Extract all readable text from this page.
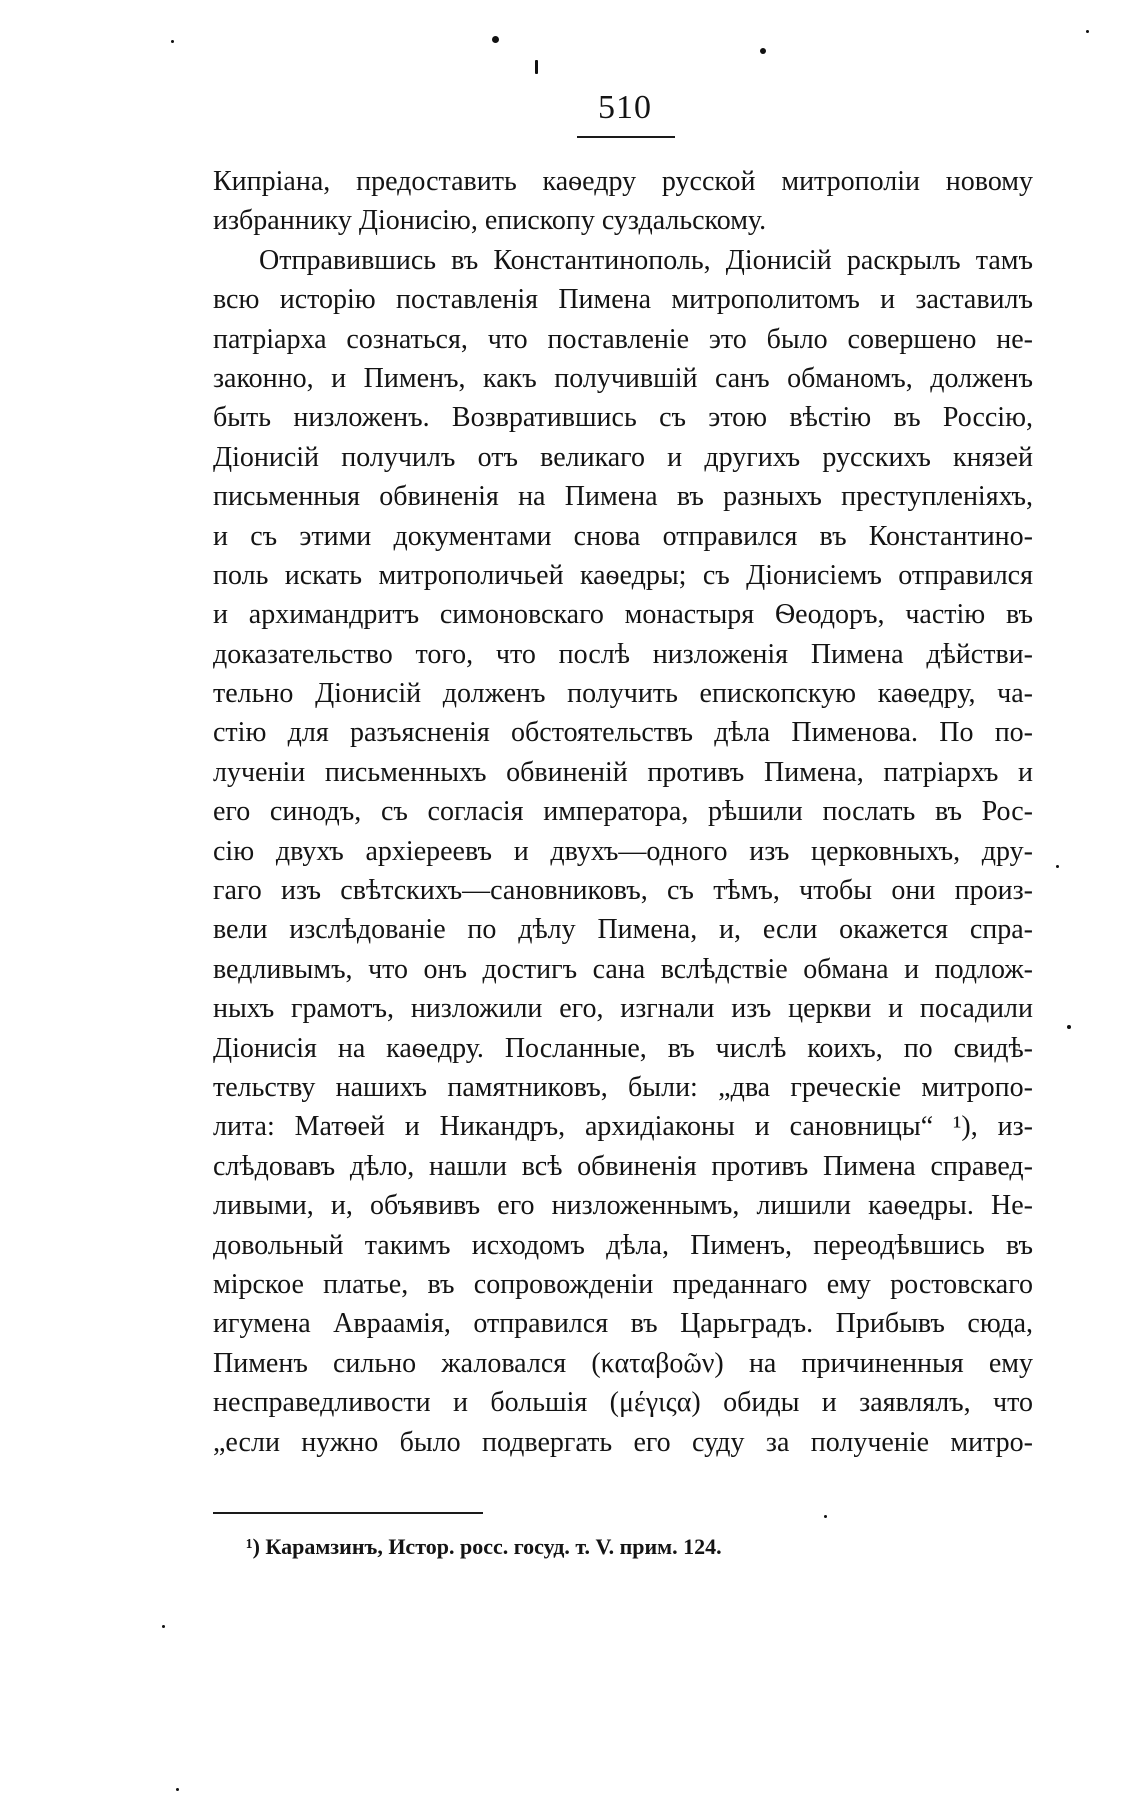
510
Кипріана, предоставить каѳедру русской митрополіи новому
избраннику Діонисію, епископу суздальскому.
Отправившись въ Константинополь, Діонисій раскрылъ тамъ
всю исторію поставленія Пимена митрополитомъ и заставилъ
патріарха сознаться, что поставленіе это было совершено не-
законно, и Пименъ, какъ получившій санъ обманомъ, долженъ
быть низложенъ. Возвратившись съ этою вѣстію въ Россію,
Діонисій получилъ отъ великаго и другихъ русскихъ князей
письменныя обвиненія на Пимена въ разныхъ преступленіяхъ,
и съ этими документами снова отправился въ Константино-
поль искать митрополичьей каѳедры; съ Діонисіемъ отправился
и архимандритъ симоновскаго монастыря Ѳеодоръ, частію въ
доказательство того, что послѣ низложенія Пимена дѣйстви-
тельно Діонисій долженъ получить епископскую каѳедру, ча-
стію для разъясненія обстоятельствъ дѣла Пименова. По по-
лученіи письменныхъ обвиненій противъ Пимена, патріархъ и
его синодъ, съ согласія императора, рѣшили послать въ Рос-
сію двухъ архіереевъ и двухъ—одного изъ церковныхъ, дру-
гаго изъ свѣтскихъ—сановниковъ, съ тѣмъ, чтобы они произ-
вели изслѣдованіе по дѣлу Пимена, и, если окажется спра-
ведливымъ, что онъ достигъ сана вслѣдствіе обмана и подлож-
ныхъ грамотъ, низложили его, изгнали изъ церкви и посадили
Діонисія на каѳедру. Посланные, въ числѣ коихъ, по свидѣ-
тельству нашихъ памятниковъ, были: „два греческіе митропо-
лита: Матѳей и Никандръ, архидіаконы и сановницы“ ¹), из-
слѣдовавъ дѣло, нашли всѣ обвиненія противъ Пимена справед-
ливыми, и, объявивъ его низложеннымъ, лишили каѳедры. Не-
довольный такимъ исходомъ дѣла, Пименъ, переодѣвшись въ
мірское платье, въ сопровожденіи преданнаго ему ростовскаго
игумена Авраамія, отправился въ Царьградъ. Прибывъ сюда,
Пименъ сильно жаловался (καταβοῶν) на причиненныя ему
несправедливости и большія (μέγιςα) обиды и заявлялъ, что
„если нужно было подвергать его суду за полученіе митро-
¹) Карамзинъ, Истор. росс. госуд. т. V. прим. 124.
